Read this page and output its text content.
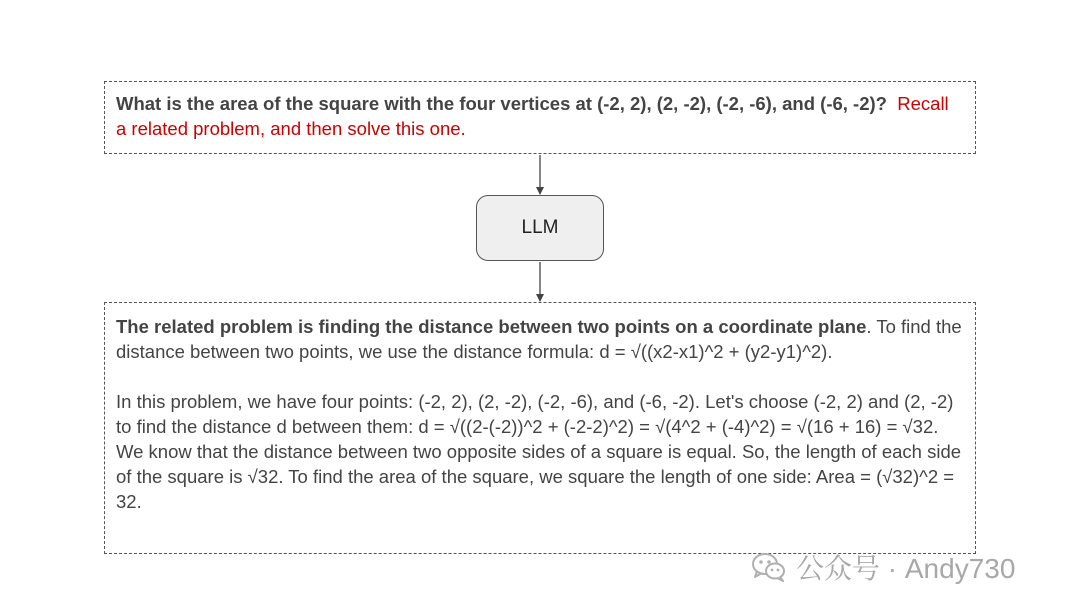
What is the area of the square with the four vertices at (-2, 2), (2, -2), (-2, -6), and (-6, -2)? Recall a related problem, and then solve this one.
LLM

The related problem is finding the distance between two points on a coordinate plane. To find the distance between two points, we use the distance formula: d = √((x2-x1)^2 + (y2-y1)^2).

In this problem, we have four points: (-2, 2), (2, -2), (-2, -6), and (-6, -2). Let's choose (-2, 2) and (2, -2) to find the distance d between them: d = √((2-(-2))^2 + (-2-2)^2) = √(4^2 + (-4)^2) = √(16 + 16) = √32. We know that the distance between two opposite sides of a square is equal. So, the length of each side of the square is √32. To find the area of the square, we square the length of one side: Area = (√32)^2 = 32.

公众号 · Andy730
